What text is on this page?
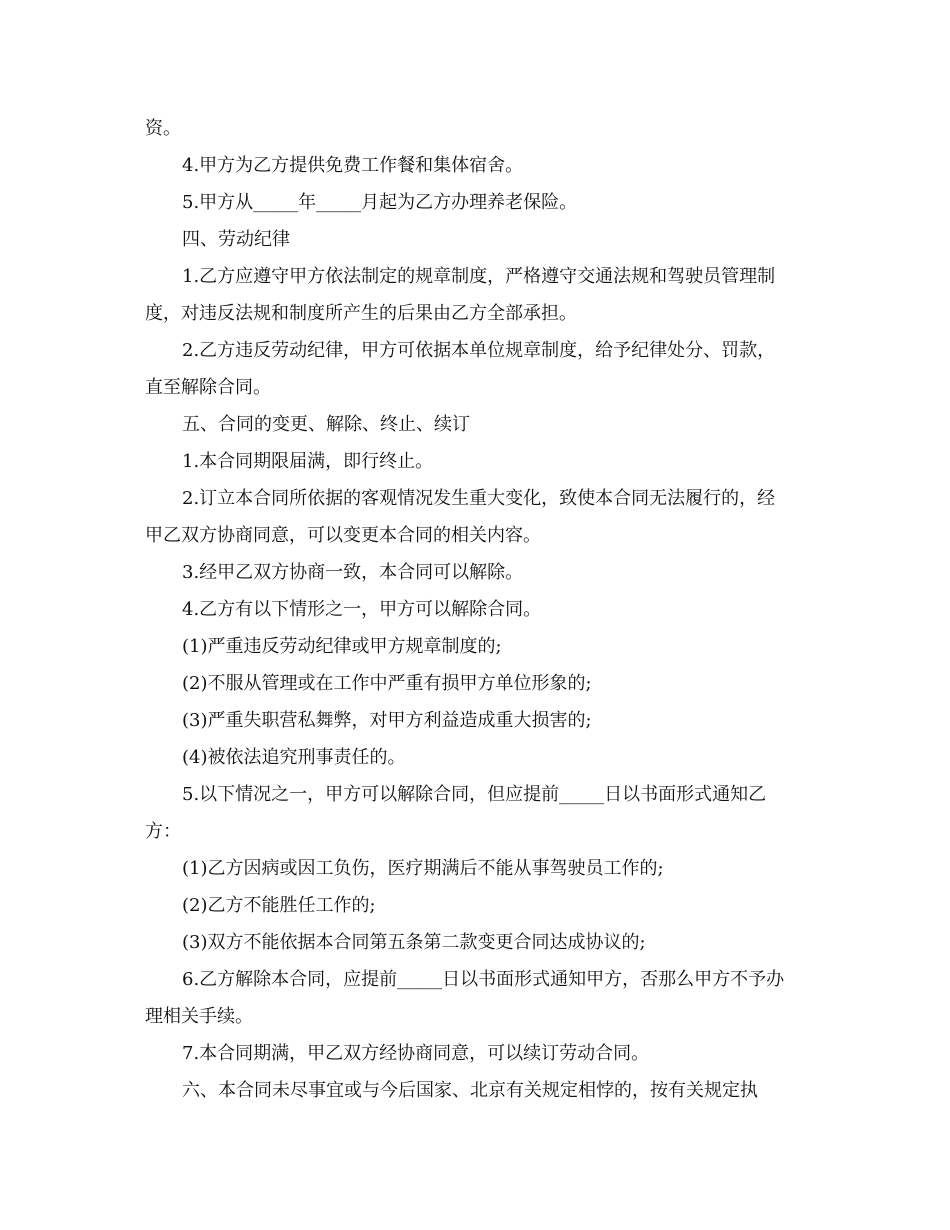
资。
4.甲方为乙方提供免费工作餐和集体宿舍。
5.甲方从_____年_____月起为乙方办理养老保险。
四、劳动纪律
1.乙方应遵守甲方依法制定的规章制度，严格遵守交通法规和驾驶员管理制
度，对违反法规和制度所产生的后果由乙方全部承担。
2.乙方违反劳动纪律，甲方可依据本单位规章制度，给予纪律处分、罚款，
直至解除合同。
五、合同的变更、解除、终止、续订
1.本合同期限届满，即行终止。
2.订立本合同所依据的客观情况发生重大变化，致使本合同无法履行的，经
甲乙双方协商同意，可以变更本合同的相关内容。
3.经甲乙双方协商一致，本合同可以解除。
4.乙方有以下情形之一，甲方可以解除合同。
(1)严重违反劳动纪律或甲方规章制度的;
(2)不服从管理或在工作中严重有损甲方单位形象的;
(3)严重失职营私舞弊，对甲方利益造成重大损害的;
(4)被依法追究刑事责任的。
5.以下情况之一，甲方可以解除合同，但应提前_____日以书面形式通知乙
方：
(1)乙方因病或因工负伤，医疗期满后不能从事驾驶员工作的;
(2)乙方不能胜任工作的;
(3)双方不能依据本合同第五条第二款变更合同达成协议的;
6.乙方解除本合同，应提前_____日以书面形式通知甲方，否那么甲方不予办
理相关手续。
7.本合同期满，甲乙双方经协商同意，可以续订劳动合同。
六、本合同未尽事宜或与今后国家、北京有关规定相悖的，按有关规定执
